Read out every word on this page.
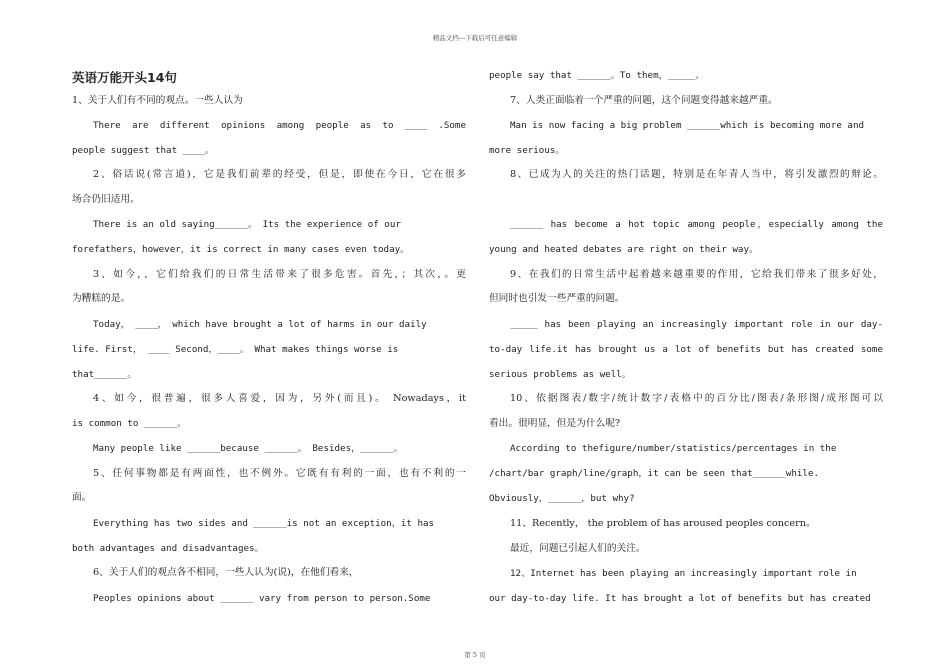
精品文档---下载后可任意编辑
英语万能开头14句
1、关于人们有不同的观点。一些人认为
There are different opinions among people as to ____ .Some
people suggest that ____。
2、俗话说(常言道)，它是我们前辈的经受，但是，即使在今日，它在很多
场合仍旧适用。
There is an old saying______。 Its the experience of our
forefathers，however，it is correct in many cases even today。
3、如今，，它们给我们的日常生活带来了很多危害。首先，；其次，。更
为糟糕的是。
Today， ____， which have brought a lot of harms in our daily
life. First， ____ Second，____。 What makes things worse is
that______。
4、如今，很普遍，很多人喜爱，因为，另外(而且)。 Nowadays，it
is common to ______。
Many people like ______because ______。 Besides，______。
5、任何事物都是有两面性，也不例外。它既有有利的一面，也有不利的一
面。
Everything has two sides and ______is not an exception，it has
both advantages and disadvantages。
6、关于人们的观点各不相同，一些人认为(说)，在他们看来，
Peoples opinions about ______ vary from person to person.Some
people say that ______。To them，_____。
7、人类正面临着一个严重的问题，这个问题变得越来越严重。
Man is now facing a big problem ______which is becoming more and
more serious。
8、已成为人的关注的热门话题，特别是在年青人当中，将引发激烈的辩论。
______ has become a hot topic among people，especially among the
young and heated debates are right on their way。
9、在我们的日常生活中起着越来越重要的作用，它给我们带来了很多好处，
但同时也引发一些严重的问题。
_____ has been playing an increasingly important role in our day-
to-day life.it has brought us a lot of benefits but has created some
serious problems as well。
10、依据图表/数字/统计数字/表格中的百分比/图表/条形图/成形图可以
看出。很明显，但是为什么呢?
According to thefigure/number/statistics/percentages in the
/chart/bar graph/line/graph，it can be seen that______while.
Obviously，______，but why?
11、Recently， the problem of has aroused peoples concern。
最近，问题已引起人们的关注。
12、Internet has been playing an increasingly important role in
our day-to-day life. It has brought a lot of benefits but has created
第 5 页
